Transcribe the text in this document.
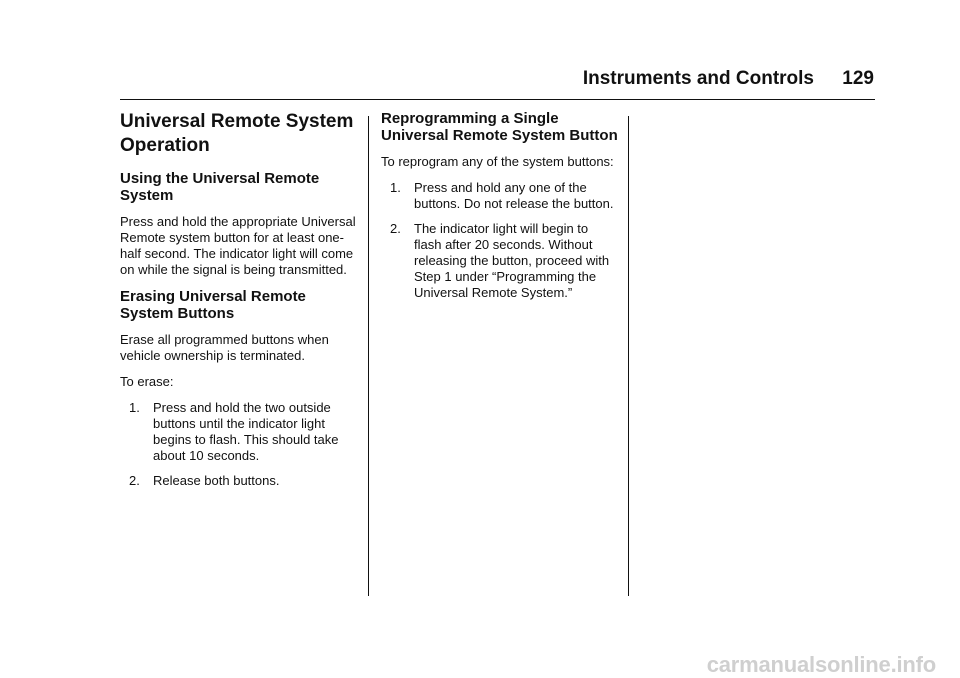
Instruments and Controls 129
Universal Remote System Operation
Using the Universal Remote System

Press and hold the appropriate Universal Remote system button for at least one-half second. The indicator light will come on while the signal is being transmitted.

Erasing Universal Remote System Buttons

Erase all programmed buttons when vehicle ownership is terminated.

To erase:

1. Press and hold the two outside buttons until the indicator light begins to flash. This should take about 10 seconds.
2. Release both buttons.
Reprogramming a Single Universal Remote System Button

To reprogram any of the system buttons:

1. Press and hold any one of the buttons. Do not release the button.
2. The indicator light will begin to flash after 20 seconds. Without releasing the button, proceed with Step 1 under “Programming the Universal Remote System.”
carmanualsonline.info
